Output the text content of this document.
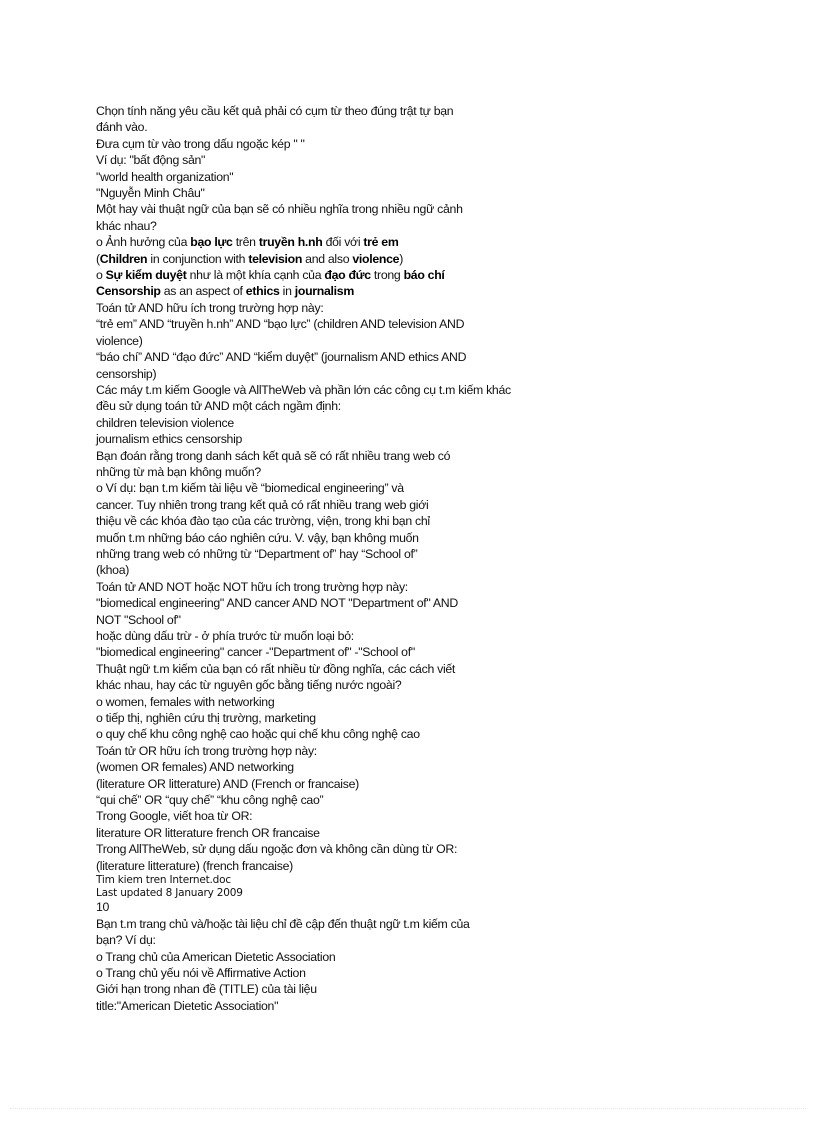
Chọn tính năng yêu cầu kết quả phải có cụm từ theo đúng trật tự bạn
đánh vào.
Đưa cụm từ vào trong dấu ngoặc kép " "
Ví dụ: "bất động sản"
"world health organization"
"Nguyễn Minh Châu"
Một hay vài thuật ngữ của bạn sẽ có nhiều nghĩa trong nhiều ngữ cảnh
khác nhau?
o Ảnh hưởng của bạo lực trên truyền h.nh đối với trẻ em
(Children in conjunction with television and also violence)
o Sự kiểm duyệt như là một khía cạnh của đạo đức trong báo chí
Censorship as an aspect of ethics in journalism
Toán tử AND hữu ích trong trường hợp này:
“trẻ em” AND “truyền h.nh” AND “bạo lực” (children AND television AND
violence)
“báo chí” AND “đạo đức” AND “kiểm duyệt” (journalism AND ethics AND
censorship)
Các máy t.m kiếm Google và AllTheWeb và phần lớn các công cụ t.m kiếm khác
đều sử dụng toán tử AND một cách ngầm định:
children television violence
journalism ethics censorship
Bạn đoán rằng trong danh sách kết quả sẽ có rất nhiều trang web có
những từ mà bạn không muốn?
o Ví dụ: bạn t.m kiếm tài liệu về “biomedical engineering” và
cancer. Tuy nhiên trong trang kết quả có rất nhiều trang web giới
thiệu về các khóa đào tạo của các trường, viện, trong khi bạn chỉ
muốn t.m những báo cáo nghiên cứu. V. vậy, bạn không muốn
những trang web có những từ “Department of” hay “School of”
(khoa)
Toán tử AND NOT hoặc NOT hữu ích trong trường hợp này:
"biomedical engineering" AND cancer AND NOT "Department of" AND
NOT "School of"
hoặc dùng dấu trừ - ở phía trước từ muốn loại bỏ:
"biomedical engineering" cancer -"Department of" -"School of"
Thuật ngữ t.m kiếm của bạn có rất nhiều từ đồng nghĩa, các cách viết
khác nhau, hay các từ nguyên gốc bằng tiếng nước ngoài?
o women, females with networking
o tiếp thị, nghiên cứu thị trường, marketing
o quy chế khu công nghệ cao hoặc qui chế khu công nghệ cao
Toán tử OR hữu ích trong trường hợp này:
(women OR females) AND networking
(literature OR litterature) AND (French or francaise)
“qui chế” OR “quy chế” “khu công nghệ cao”
Trong Google, viết hoa từ OR:
literature OR litterature french OR francaise
Trong AllTheWeb, sử dụng dấu ngoặc đơn và không cần dùng từ OR:
(literature litterature) (french francaise)
Tim kiem tren Internet.doc
Last updated 8 January 2009
10
Bạn t.m trang chủ và/hoặc tài liệu chỉ đề cập đến thuật ngữ t.m kiếm của
bạn? Ví dụ:
o Trang chủ của American Dietetic Association
o Trang chủ yếu nói về Affirmative Action
Giới hạn trong nhan đề (TITLE) của tài liệu
title:"American Dietetic Association"
